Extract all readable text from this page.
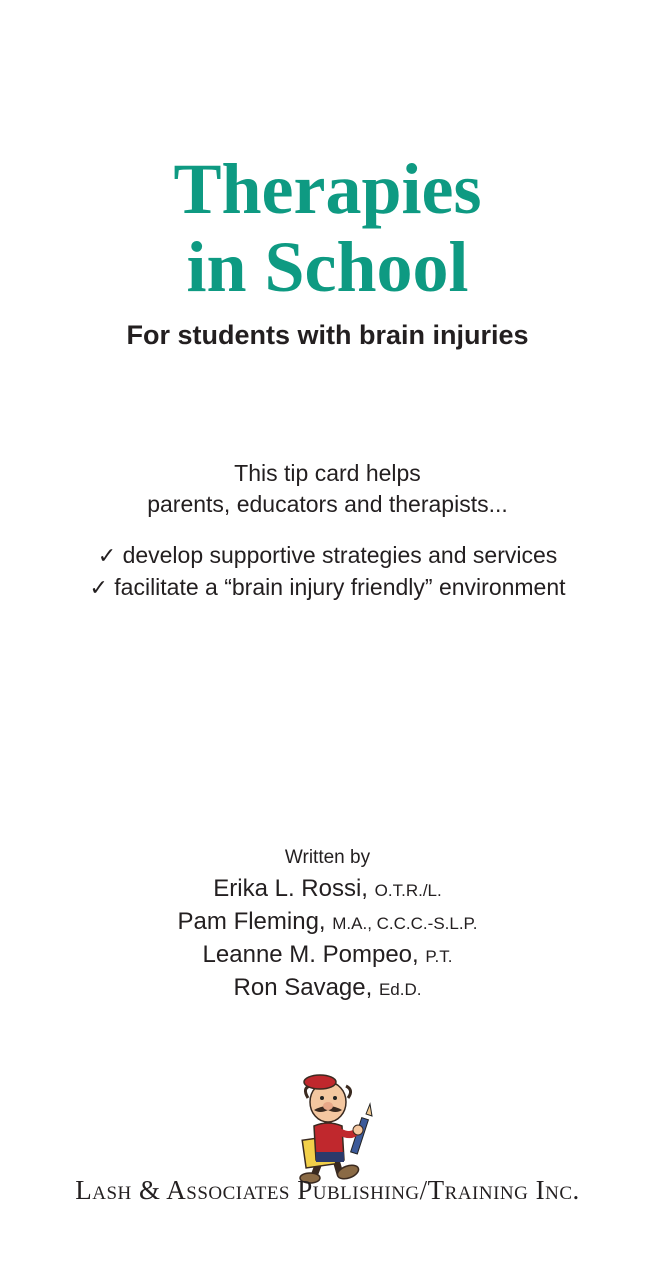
Therapies
in School
For students with brain injuries
This tip card helps
parents, educators and therapists...
✓ develop supportive strategies and services
✓ facilitate a “brain injury friendly” environment
Written by
Erika L. Rossi, O.T.R./L.
Pam Fleming, M.A., C.C.C.-S.L.P.
Leanne M. Pompeo, P.T.
Ron Savage, Ed.D.
Lash & Associates Publishing/Training Inc.
